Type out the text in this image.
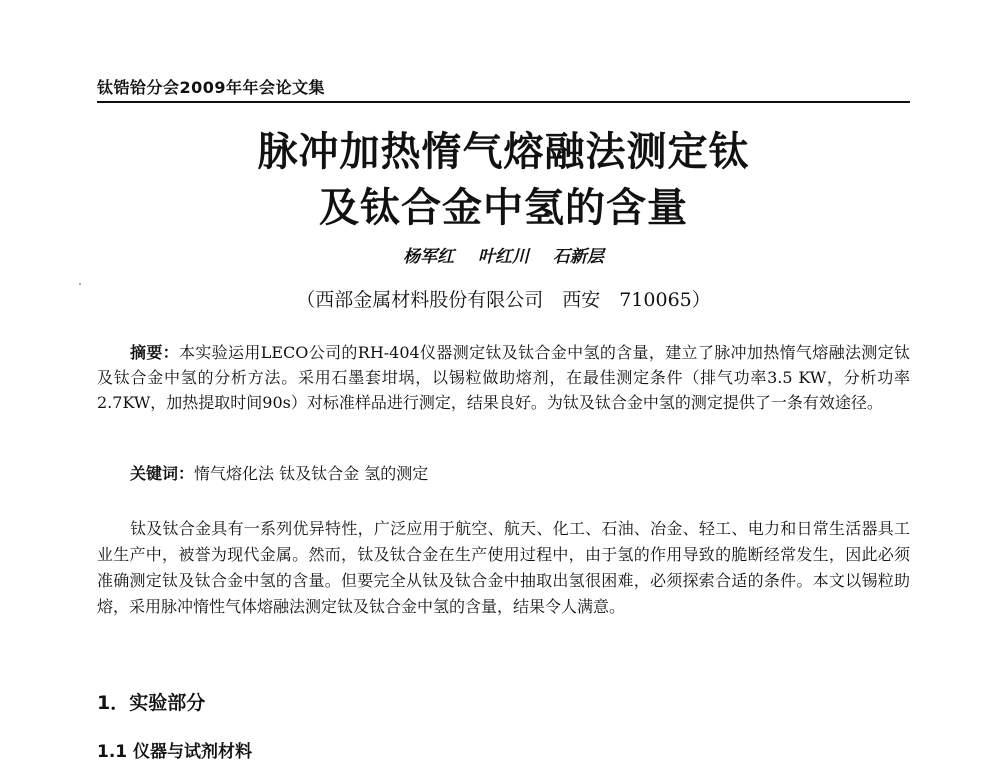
钛锆铪分会2009年年会论文集
脉冲加热惰气熔融法测定钛
及钛合金中氢的含量
杨军红 叶红川 石新层
（西部金属材料股份有限公司　西安　710065）

摘要：本实验运用LECO公司的RH-404仪器测定钛及钛合金中氢的含量，建立了脉冲加热惰气熔融法测定钛及钛合金中氢的分析方法。采用石墨套坩埚，以锡粒做助熔剂，在最佳测定条件（排气功率3.5 KW，分析功率2.7KW，加热提取时间90s）对标准样品进行测定，结果良好。为钛及钛合金中氢的测定提供了一条有效途径。

关键词：惰气熔化法 钛及钛合金 氢的测定

钛及钛合金具有一系列优异特性，广泛应用于航空、航天、化工、石油、冶金、轻工、电力和日常生活器具工业生产中，被誉为现代金属。然而，钛及钛合金在生产使用过程中，由于氢的作用导致的脆断经常发生，因此必须准确测定钛及钛合金中氢的含量。但要完全从钛及钛合金中抽取出氢很困难，必须探索合适的条件。本文以锡粒助熔，采用脉冲惰性气体熔融法测定钛及钛合金中氢的含量，结果令人满意。

1．实验部分
1.1 仪器与试剂材料
